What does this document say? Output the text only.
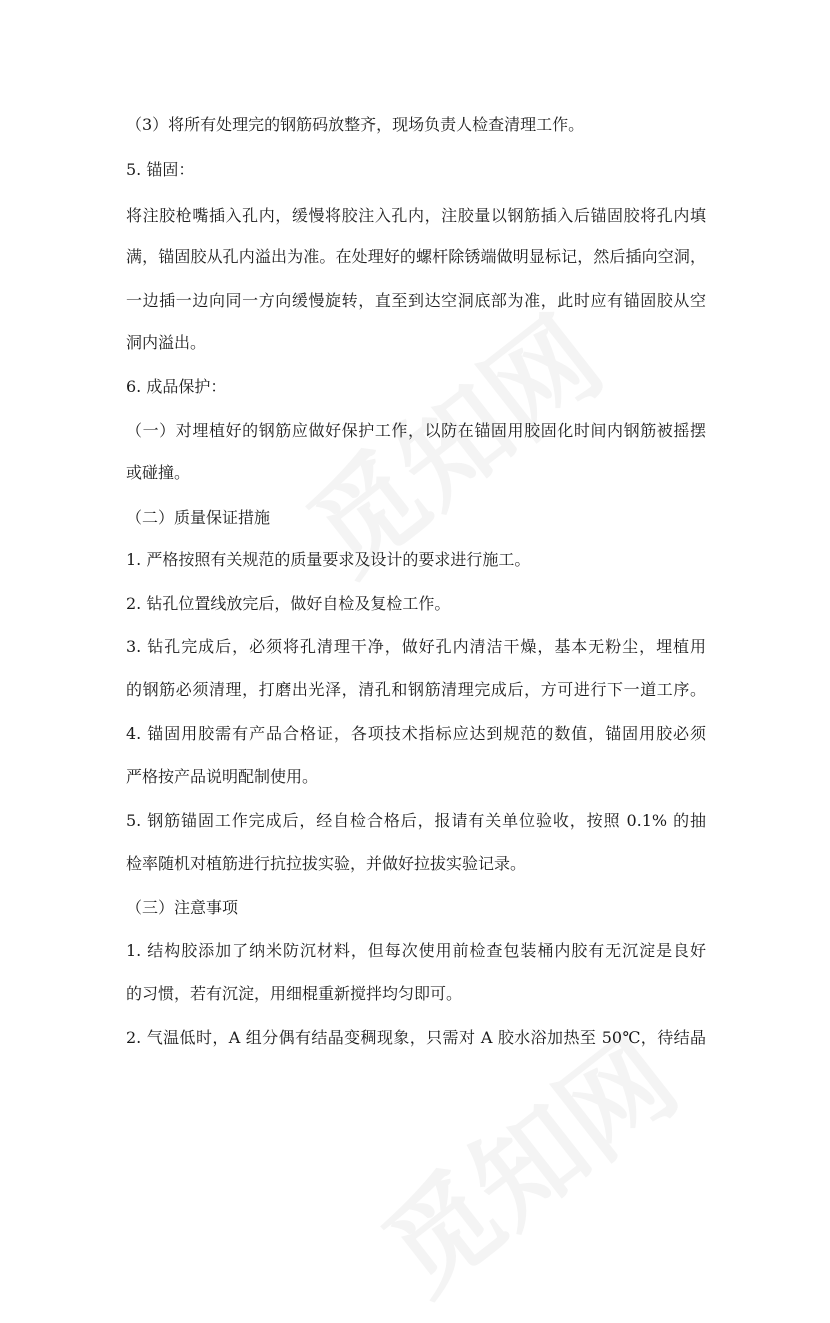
（3）将所有处理完的钢筋码放整齐，现场负责人检查清理工作。
5. 锚固：
将注胶枪嘴插入孔内，缓慢将胶注入孔内，注胶量以钢筋插入后锚固胶将孔内填
满，锚固胶从孔内溢出为准。在处理好的螺杆除锈端做明显标记，然后插向空洞，
一边插一边向同一方向缓慢旋转，直至到达空洞底部为准，此时应有锚固胶从空
洞内溢出。
6. 成品保护：
（一）对埋植好的钢筋应做好保护工作，以防在锚固用胶固化时间内钢筋被摇摆
或碰撞。
（二）质量保证措施
1. 严格按照有关规范的质量要求及设计的要求进行施工。
2. 钻孔位置线放完后，做好自检及复检工作。
3. 钻孔完成后，必须将孔清理干净，做好孔内清洁干燥，基本无粉尘，埋植用
的钢筋必须清理，打磨出光泽，清孔和钢筋清理完成后，方可进行下一道工序。
4. 锚固用胶需有产品合格证，各项技术指标应达到规范的数值，锚固用胶必须
严格按产品说明配制使用。
5. 钢筋锚固工作完成后，经自检合格后，报请有关单位验收，按照 0.1% 的抽
检率随机对植筋进行抗拉拔实验，并做好拉拔实验记录。
（三）注意事项
1. 结构胶添加了纳米防沉材料，但每次使用前检查包装桶内胶有无沉淀是良好
的习惯，若有沉淀，用细棍重新搅拌均匀即可。
2. 气温低时，A 组分偶有结晶变稠现象，只需对 A 胶水浴加热至 50℃，待结晶
